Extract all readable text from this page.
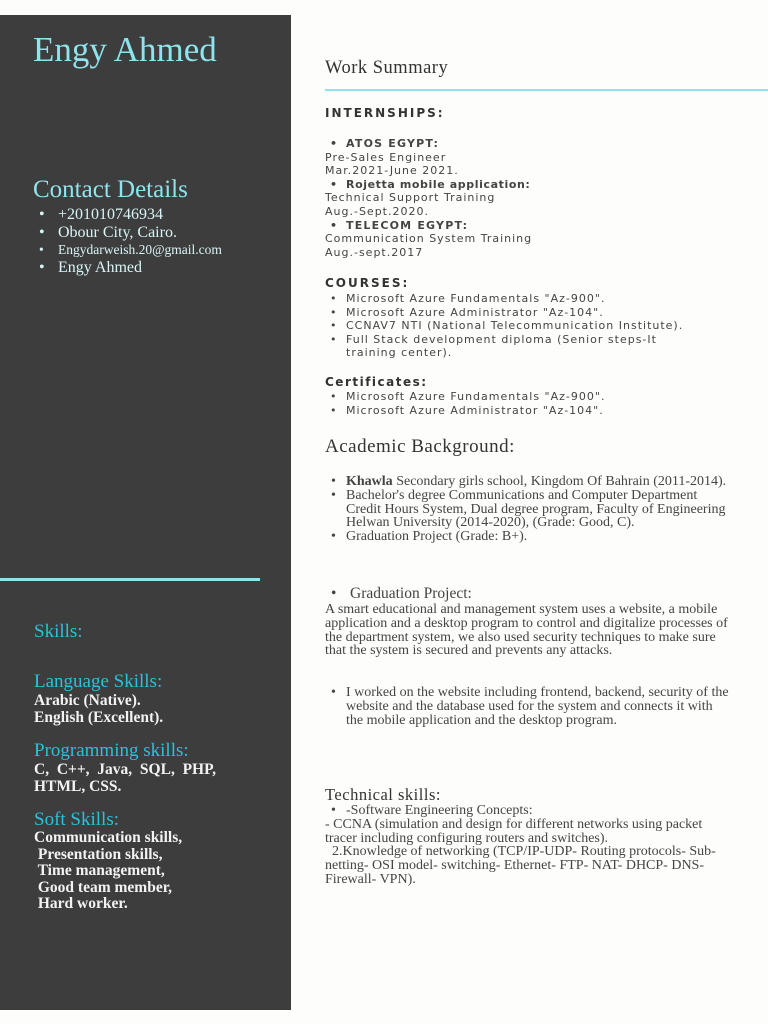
Engy Ahmed
Contact Details
• +201010746934
• Obour City, Cairo.
• Engydarweish.20@gmail.com
• Engy Ahmed
Skills:
Language Skills:
Arabic (Native).
English (Excellent).
Programming skills:
C,  C++,  Java,  SQL,  PHP,
HTML, CSS.
Soft Skills:
Communication skills,
Presentation skills,
Time management,
Good team member,
Hard worker.
Work Summary
INTERNSHIPS:
• ATOS EGYPT:
Pre-Sales Engineer
Mar.2021-June 2021.
• Rojetta mobile application:
Technical Support Training
Aug.-Sept.2020.
• TELECOM EGYPT:
Communication System Training
Aug.-sept.2017
COURSES:
• Microsoft Azure Fundamentals "Az-900".
• Microsoft Azure Administrator "Az-104".
• CCNAV7 NTI (National Telecommunication Institute).
• Full Stack development diploma (Senior steps-It training center).
Certificates:
• Microsoft Azure Fundamentals "Az-900".
• Microsoft Azure Administrator "Az-104".
Academic Background:
• Khawla Secondary girls school, Kingdom Of Bahrain (2011-2014).
• Bachelor's degree Communications and Computer Department Credit Hours System, Dual degree program, Faculty of Engineering Helwan University (2014-2020), (Grade: Good, C).
• Graduation Project (Grade: B+).
• Graduation Project:
A smart educational and management system uses a website, a mobile application and a desktop program to control and digitalize processes of the department system, we also used security techniques to make sure that the system is secured and prevents any attacks.
• I worked on the website including frontend, backend, security of the website and the database used for the system and connects it with the mobile application and the desktop program.
Technical skills:
• -Software Engineering Concepts:
- CCNA (simulation and design for different networks using packet tracer including configuring routers and switches).
2.Knowledge of networking (TCP/IP-UDP- Routing protocols- Sub-netting- OSI model- switching- Ethernet- FTP- NAT- DHCP- DNS- Firewall- VPN).
